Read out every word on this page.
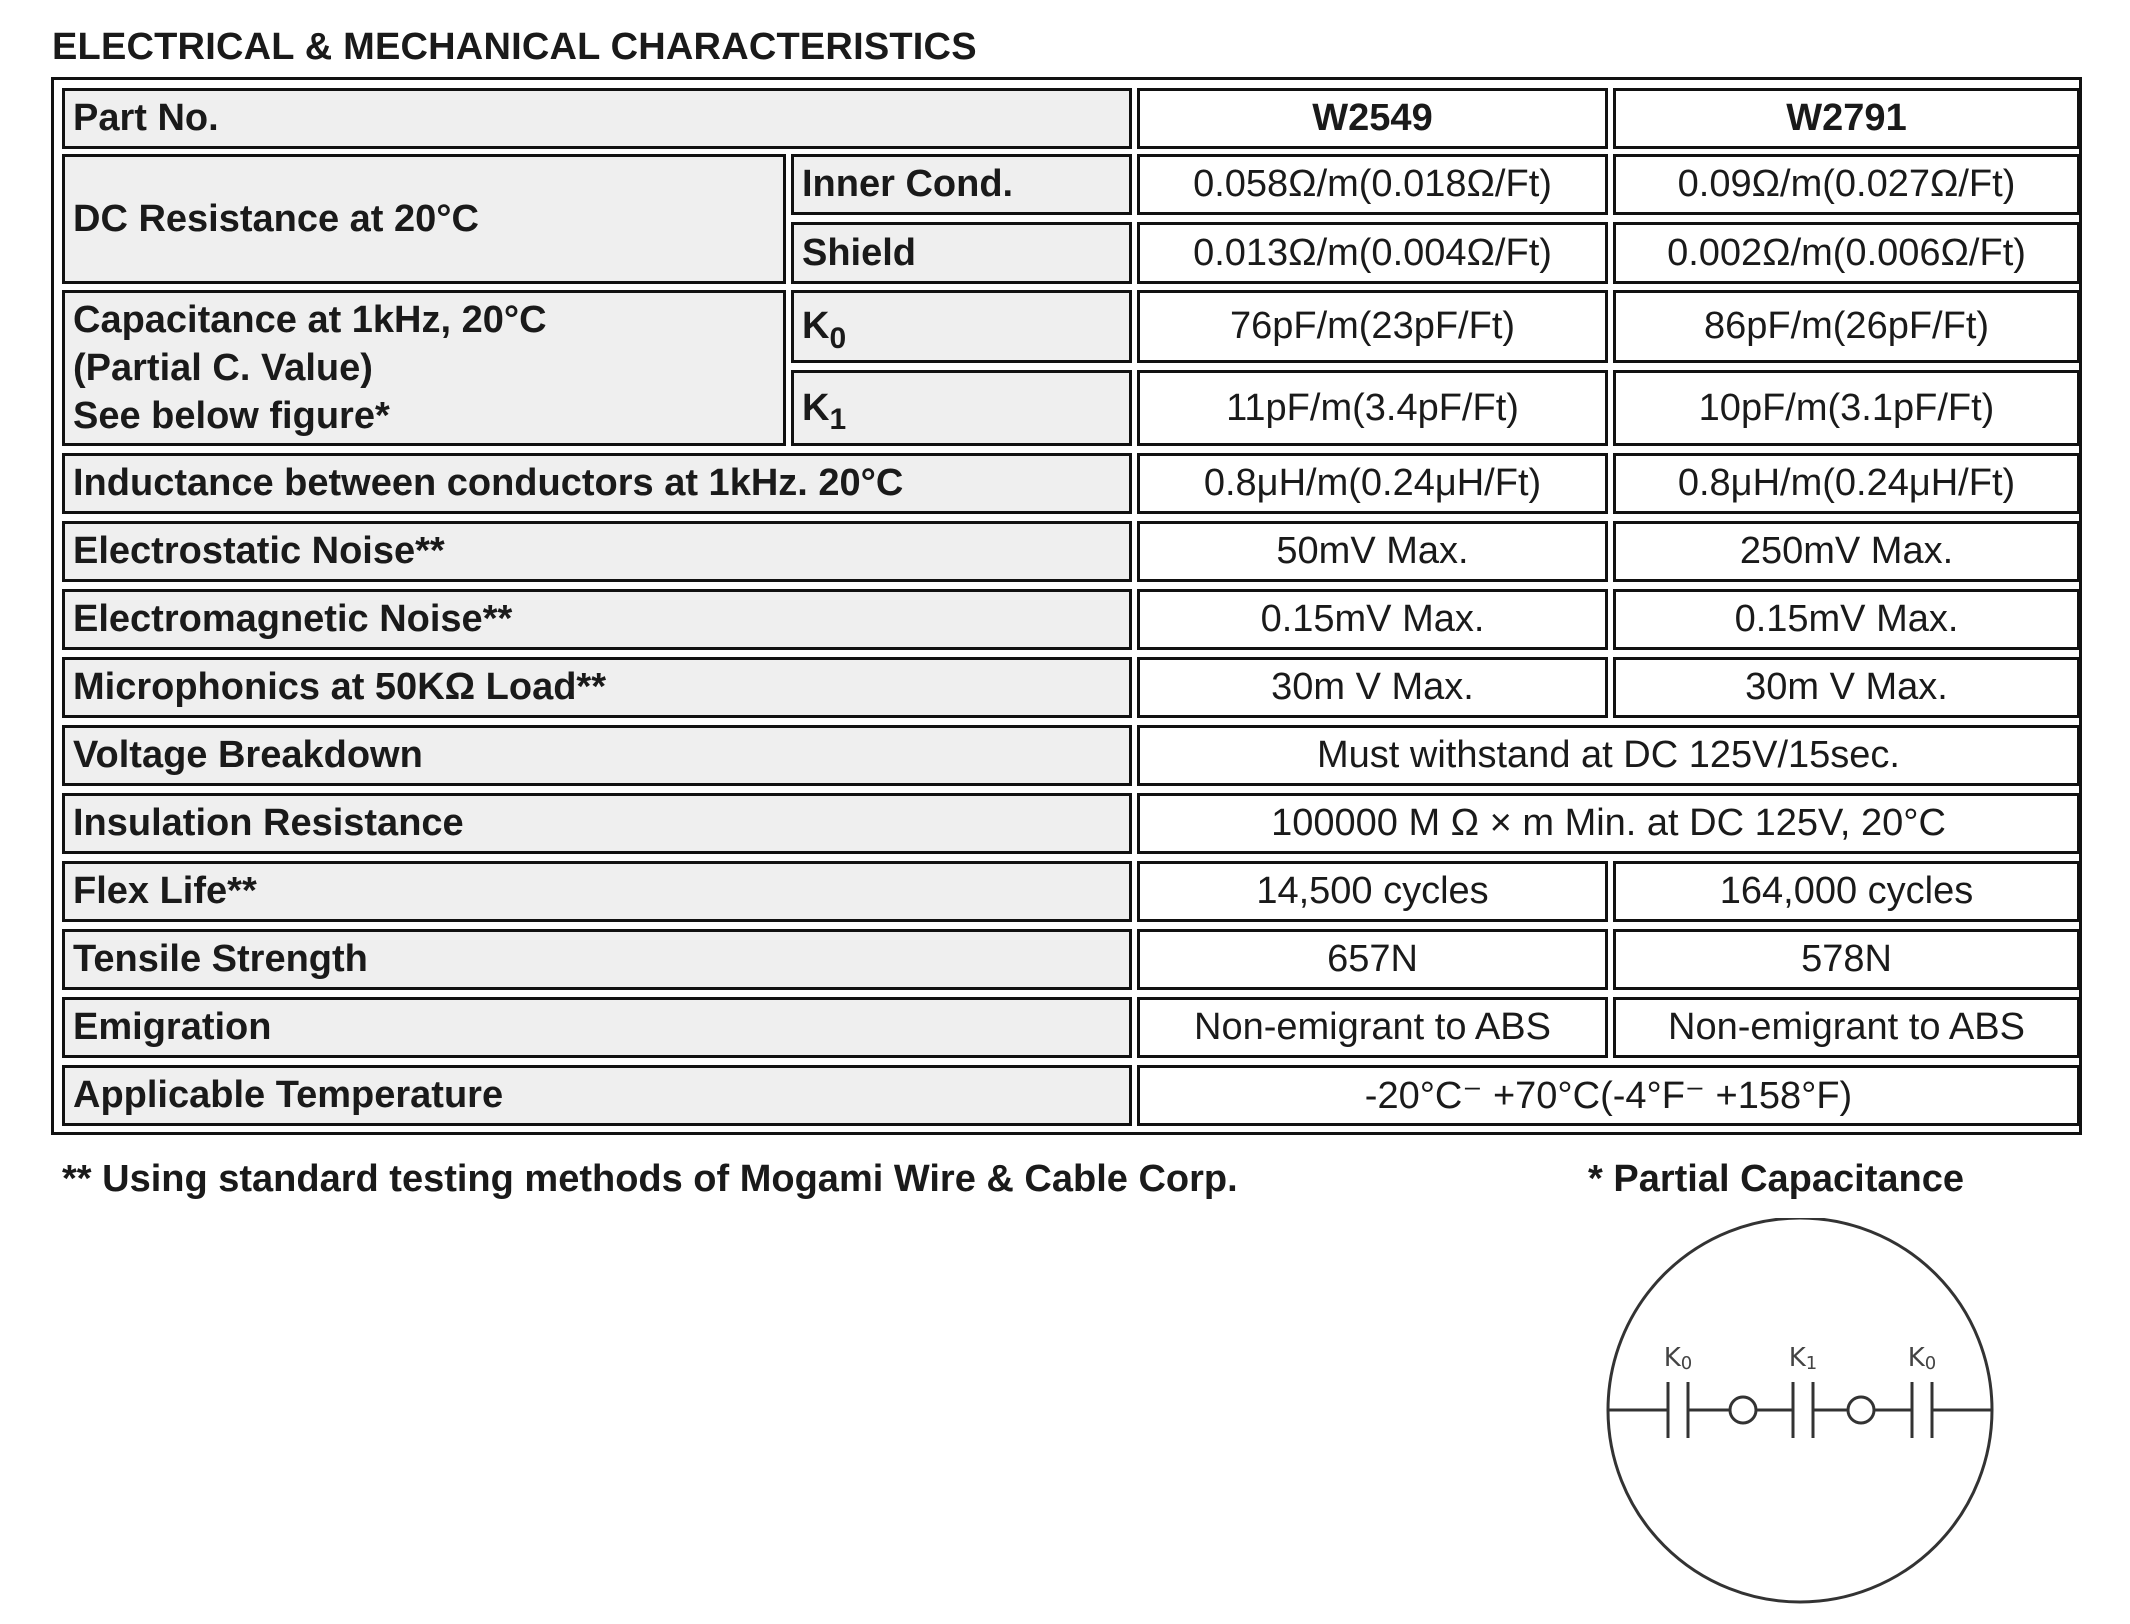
ELECTRICAL & MECHANICAL CHARACTERISTICS
Part No.	W2549	W2791
DC Resistance at 20°C
Inner Cond.	0.058Ω/m(0.018Ω/Ft)	0.09Ω/m(0.027Ω/Ft)
Shield	0.013Ω/m(0.004Ω/Ft)	0.002Ω/m(0.006Ω/Ft)
Capacitance at 1kHz, 20°C
(Partial C. Value)
See below figure*
K 0	76pF/m(23pF/Ft)	86pF/m(26pF/Ft)
K 1	11pF/m(3.4pF/Ft)	10pF/m(3.1pF/Ft)
Inductance between conductors at 1kHz. 20°C	0.8μH/m(0.24μH/Ft)	0.8μH/m(0.24μH/Ft)
Electrostatic Noise**	50mV Max.	250mV Max.
Electromagnetic Noise**	0.15mV Max.	0.15mV Max.
Microphonics at 50KΩ Load**	30m V Max.	30m V Max.
Voltage Breakdown	Must withstand at DC 125V/15sec.
Insulation Resistance	100000 M Ω × m Min. at DC 125V, 20°C
Flex Life**	14,500 cycles	164,000 cycles
Tensile Strength	657N	578N
Emigration	Non-emigrant to ABS	Non-emigrant to ABS
Applicable Temperature	-20°C⁻ +70°C(-4°F⁻ +158°F)
** Using standard testing methods of Mogami Wire & Cable Corp.	* Partial Capacitance
K0	K1	K0
